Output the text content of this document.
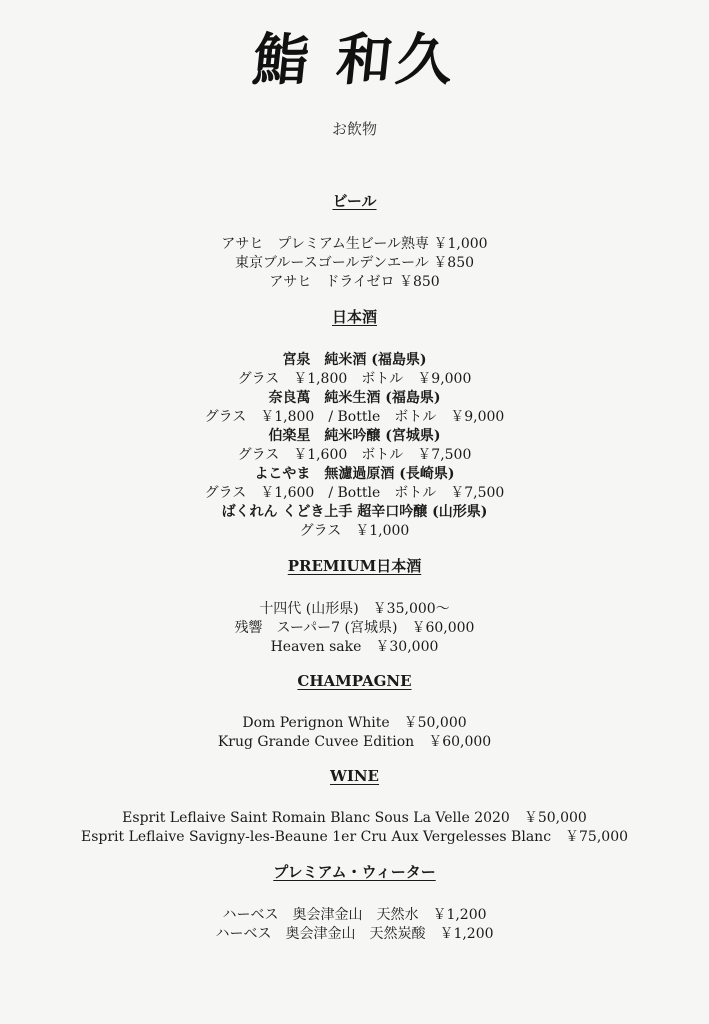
鮨 和久
お飲物
ビール
アサヒ　プレミアム生ビール熟専 ￥1,000
東京ブルースゴールデンエール ￥850
アサヒ　ドライゼロ ￥850
日本酒
宮泉　純米酒 (福島県)
グラス　￥1,800　ボトル　￥9,000
奈良萬　純米生酒 (福島県)
グラス　￥1,800　/ Bottle　ボトル　￥9,000
伯楽星　純米吟醸 (宮城県)
グラス　￥1,600　ボトル　￥7,500
よこやま　無濾過原酒 (長崎県)
グラス　￥1,600　/ Bottle　ボトル　￥7,500
ばくれん くどき上手 超辛口吟醸 (山形県)
グラス　￥1,000
PREMIUM日本酒
十四代 (山形県)　￥35,000〜
残響　スーパー7 (宮城県)　￥60,000
Heaven sake　￥30,000
CHAMPAGNE
Dom Perignon White　￥50,000
Krug Grande Cuvee Edition　￥60,000
WINE
Esprit Leflaive Saint Romain Blanc Sous La Velle 2020　￥50,000
Esprit Leflaive Savigny-les-Beaune 1er Cru Aux Vergelesses Blanc　￥75,000
プレミアム・ウィーター
ハーベス　奥会津金山　天然水　￥1,200
ハーベス　奥会津金山　天然炭酸　￥1,200
